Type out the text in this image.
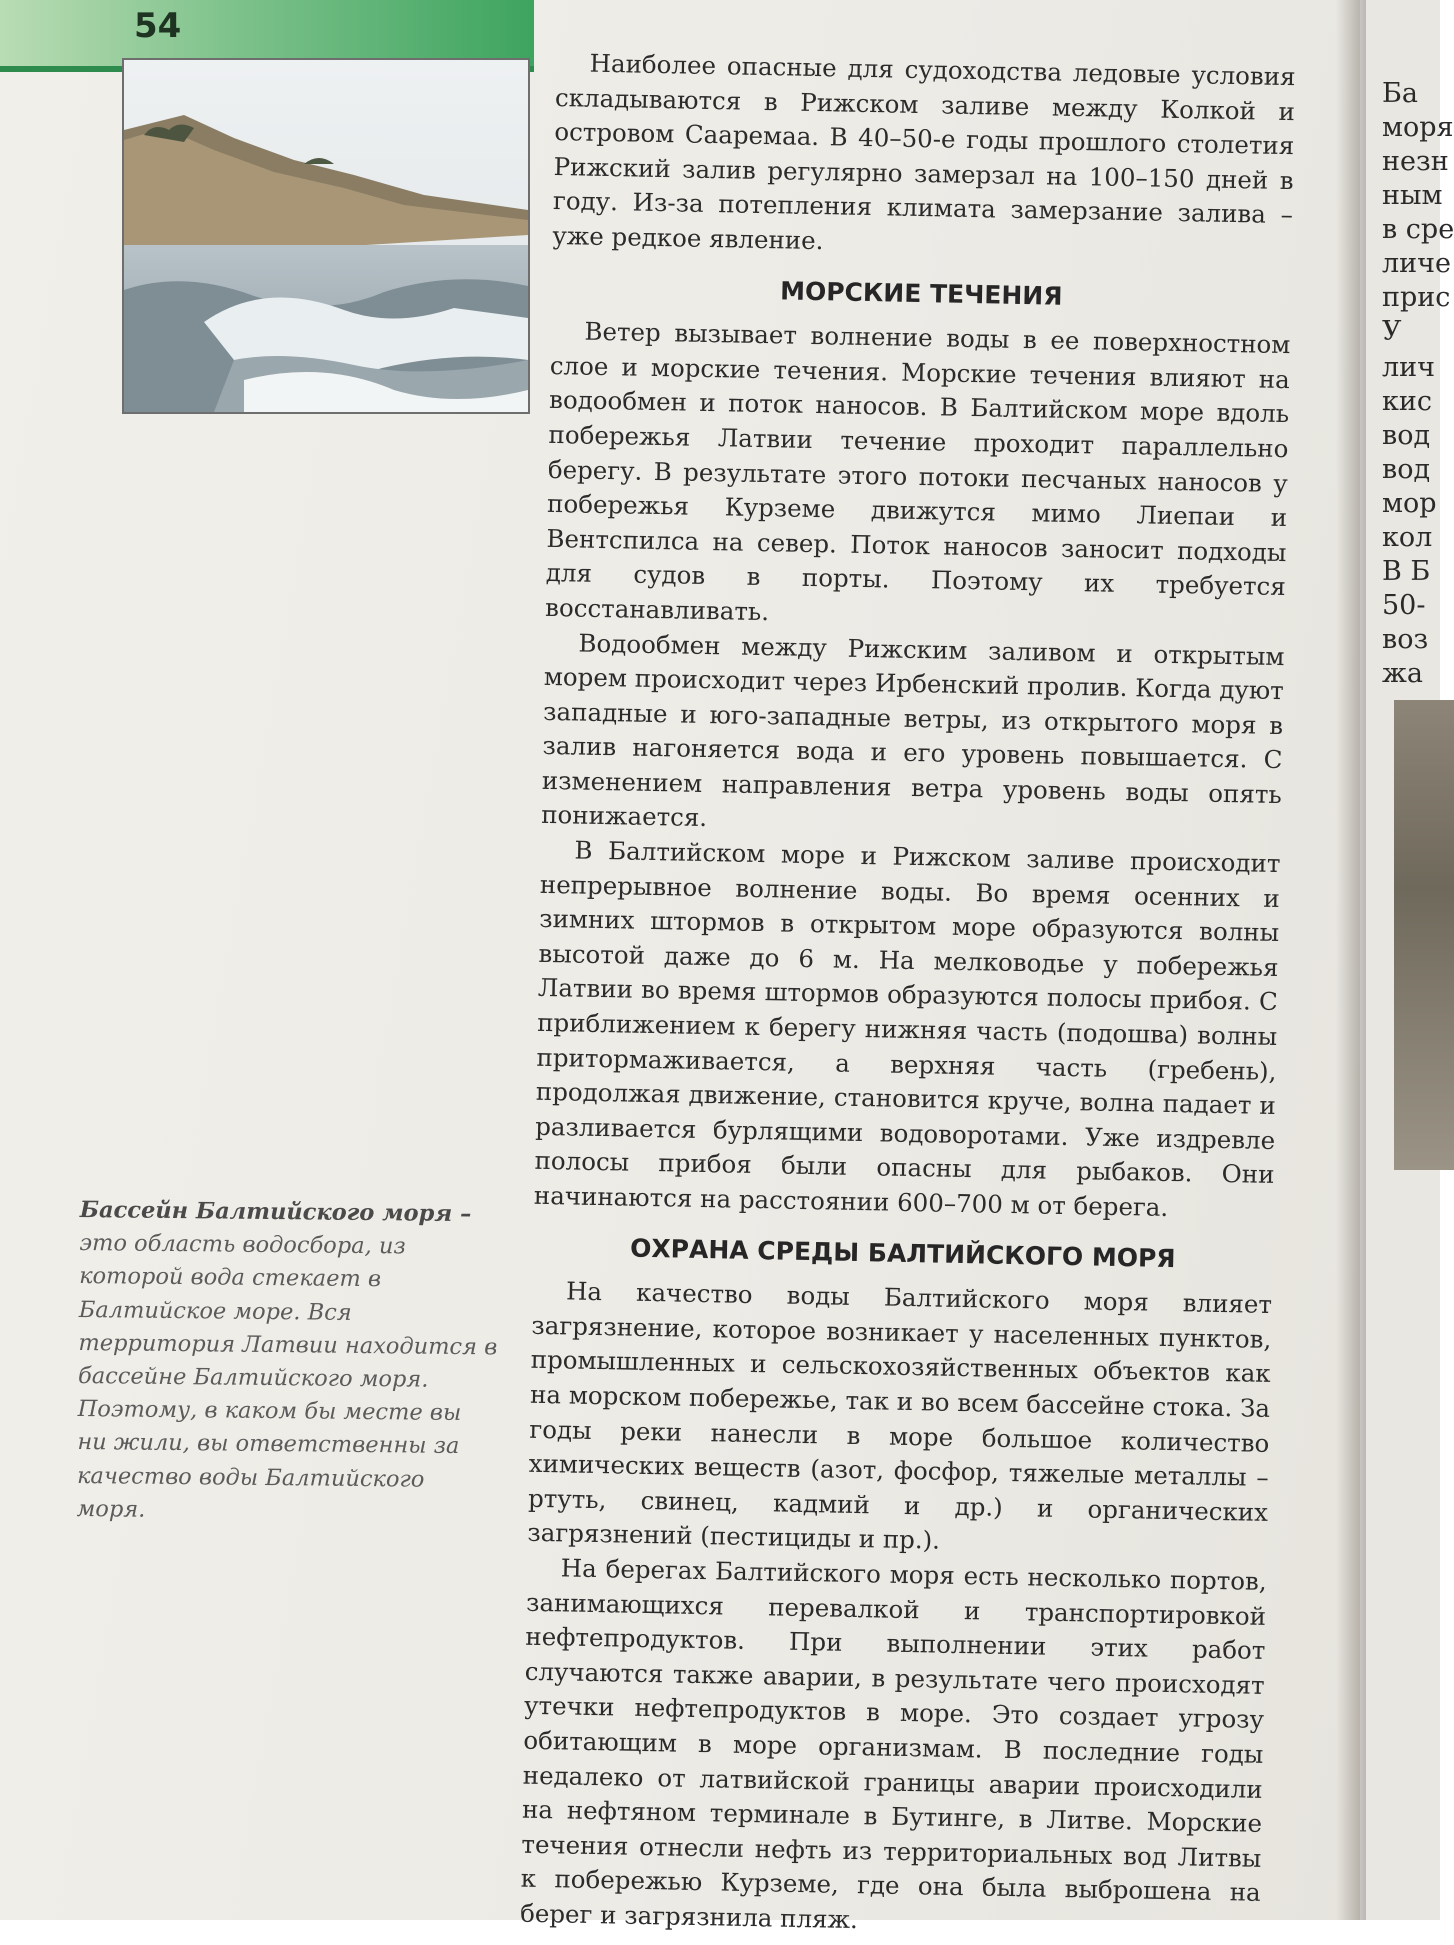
54

Наиболее опасные для судоходства ледовые условия складываются в Рижском заливе между Колкой и островом Сааремаа. В 40–50-е годы прошлого столетия Рижский залив регулярно замерзал на 100–150 дней в году. Из-за потепления климата замерзание залива – уже редкое явление.

МОРСКИЕ ТЕЧЕНИЯ

Ветер вызывает волнение воды в ее поверхностном слое и морские течения. Морские течения влияют на водообмен и поток наносов. В Балтийском море вдоль побережья Латвии течение проходит параллельно берегу. В результате этого потоки песчаных наносов у побережья Курземе движутся мимо Лиепаи и Вентспилса на север. Поток наносов заносит подходы для судов в порты. Поэтому их требуется восстанавливать.

Водообмен между Рижским заливом и открытым морем происходит через Ирбенский пролив. Когда дуют западные и юго-западные ветры, из открытого моря в залив нагоняется вода и его уровень повышается. С изменением направления ветра уровень воды опять понижается.

В Балтийском море и Рижском заливе происходит непрерывное волнение воды. Во время осенних и зимних штормов в открытом море образуются волны высотой даже до 6 м. На мелководье у побережья Латвии во время штормов образуются полосы прибоя. С приближением к берегу нижняя часть (подошва) волны притормаживается, а верхняя часть (гребень), продолжая движение, становится круче, волна падает и разливается бурлящими водоворотами. Уже издревле полосы прибоя были опасны для рыбаков. Они начинаются на расстоянии 600–700 м от берега.

ОХРАНА СРЕДЫ БАЛТИЙСКОГО МОРЯ

На качество воды Балтийского моря влияет загрязнение, которое возникает у населенных пунктов, промышленных и сельскохозяйственных объектов как на морском побережье, так и во всем бассейне стока. За годы реки нанесли в море большое количество химических веществ (азот, фосфор, тяжелые металлы – ртуть, свинец, кадмий и др.) и органических загрязнений (пестициды и пр.).

На берегах Балтийского моря есть несколько портов, занимающихся перевалкой и транспортировкой нефтепродуктов. При выполнении этих работ случаются также аварии, в результате чего происходят утечки нефтепродуктов в море. Это создает угрозу обитающим в море организмам. В последние годы недалеко от латвийской границы аварии происходили на нефтяном терминале в Бутинге, в Литве. Морские течения отнесли нефть из территориальных вод Литвы к побережью Курземе, где она была выброшена на берег и загрязнила пляж.

Бассейн Балтийского моря – это область водосбора, из которой вода стекает в Балтийское море. Вся территория Латвии находится в бассейне Балтийского моря. Поэтому, в каком бы месте вы ни жили, вы ответственны за качество воды Балтийского моря.
Ба
моря
незн
ным
в сре
личе
прис
У
лич
кис
вод
вод
мор
кол
В Б
50-
воз
жа
